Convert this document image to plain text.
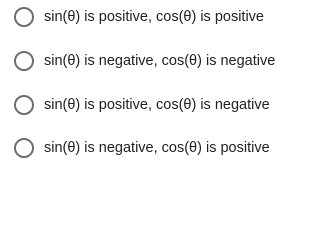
sin(θ) is positive, cos(θ) is positive
sin(θ) is negative, cos(θ) is negative
sin(θ) is positive, cos(θ) is negative
sin(θ) is negative, cos(θ) is positive
